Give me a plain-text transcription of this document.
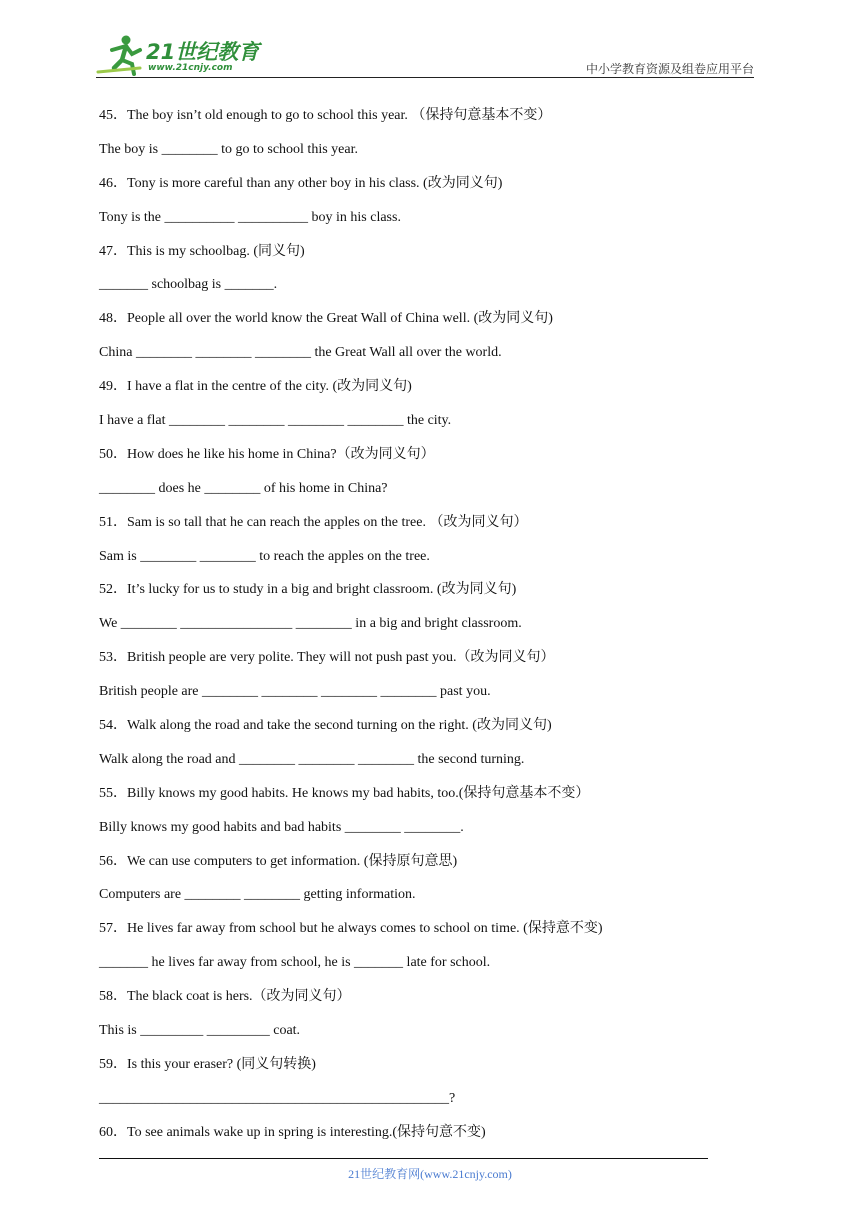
21世纪教育
www.21cnjy.com	中小学教育资源及组卷应用平台
45．The boy isn’t old enough to go to school this year. （保持句意基本不变）
The boy is ________ to go to school this year.
46．Tony is more careful than any other boy in his class. (改为同义句)
Tony is the __________ __________ boy in his class.
47．This is my schoolbag. (同义句)
_______ schoolbag is _______.
48．People all over the world know the Great Wall of China well. (改为同义句)
China ________ ________ ________ the Great Wall all over the world.
49．I have a flat in the centre of the city. (改为同义句)
I have a flat ________ ________ ________ ________ the city.
50．How does he like his home in China?（改为同义句）
________ does he ________ of his home in China?
51．Sam is so tall that he can reach the apples on the tree. （改为同义句）
Sam is ________ ________ to reach the apples on the tree.
52．It’s lucky for us to study in a big and bright classroom. (改为同义句)
We ________ ________________ ________ in a big and bright classroom.
53．British people are very polite. They will not push past you.（改为同义句）
British people are ________ ________ ________ ________ past you.
54．Walk along the road and take the second turning on the right. (改为同义句)
Walk along the road and ________ ________ ________ the second turning.
55．Billy knows my good habits. He knows my bad habits, too.(保持句意基本不变）
Billy knows my good habits and bad habits ________ ________.
56．We can use computers to get information. (保持原句意思)
Computers are ________ ________ getting information.
57．He lives far away from school but he always comes to school on time. (保持意不变)
_______ he lives far away from school, he is _______ late for school.
58．The black coat is hers.（改为同义句）
This is _________ _________ coat.
59．Is this your eraser? (同义句转换)
__________________________________________________?
60．To see animals wake up in spring is interesting.(保持句意不变)
21世纪教育网(www.21cnjy.com)
